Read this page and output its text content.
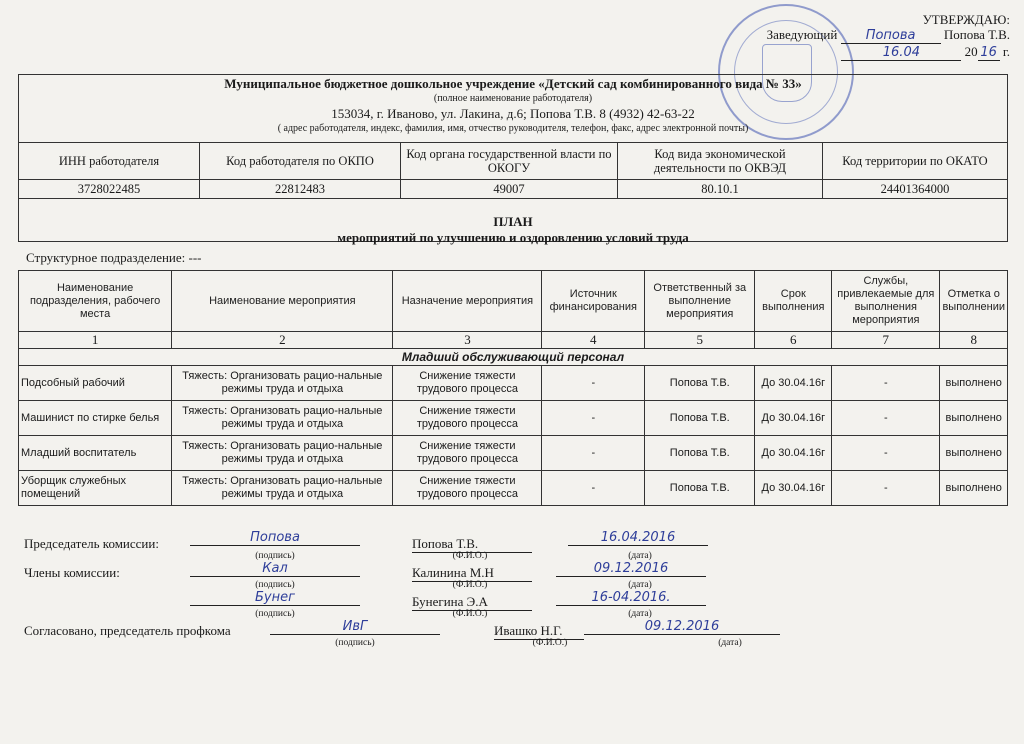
УТВЕРЖДАЮ:
Заведующий Попова Попова Т.В.
16.04	20 16 г.
Муниципальное бюджетное дошкольное учреждение «Детский сад комбинированного вида № 33»
(полное наименование работодателя)
153034, г. Иваново, ул. Лакина, д.6; Попова Т.В. 8 (4932) 42-63-22
( адрес работодателя, индекс, фамилия, имя, отчество руководителя, телефон, факс, адрес электронной почты)
ИНН работодателя	Код работодателя по ОКПО	Код органа государственной власти по ОКОГУ	Код вида экономической деятельности по ОКВЭД	Код территории по ОКАТО
3728022485	22812483	49007	80.10.1	24401364000
ПЛАН
мероприятий по улучшению и оздоровлению условий труда
Структурное подразделение: ---
Наименование подразделения, рабочего места	Наименование мероприятия	Назначение мероприятия	Источник финансирования	Ответственный за выполнение мероприятия	Срок выполнения	Службы, привлекаемые для выполнения мероприятия	Отметка о выполнении
1	2	3	4	5	6	7	8
Младший обслуживающий персонал							
Подсобный рабочий	Тяжесть: Организовать рацио-нальные режимы труда и отдыха	Снижение тяжести трудового процесса	-	Попова Т.В.	До 30.04.16г	-	выполнено
Машинист по стирке белья	Тяжесть: Организовать рацио-нальные режимы труда и отдыха	Снижение тяжести трудового процесса	-	Попова Т.В.	До 30.04.16г	-	выполнено
Младший воспитатель	Тяжесть: Организовать рацио-нальные режимы труда и отдыха	Снижение тяжести трудового процесса	-	Попова Т.В.	До 30.04.16г	-	выполнено
Уборщик служебных помещений	Тяжесть: Организовать рацио-нальные режимы труда и отдыха	Снижение тяжести трудового процесса	-	Попова Т.В.	До 30.04.16г	-	выполнено
Председатель комиссии:	Попова	Попова Т.В.	16.04.2016
(подпись)	(Ф.И.О.)	(дата)
Члены комиссии:	Кал	Калинина М.Н	09.12.2016
(подпись)	(Ф.И.О.)	(дата)
Бунег	Бунегина Э.А	16-04.2016.
(подпись)	(Ф.И.О.)	(дата)
Согласовано, председатель профкома	ИвГ	Ивашко Н.Г.	09.12.2016
(подпись)	(Ф.И.О.)	(дата)
